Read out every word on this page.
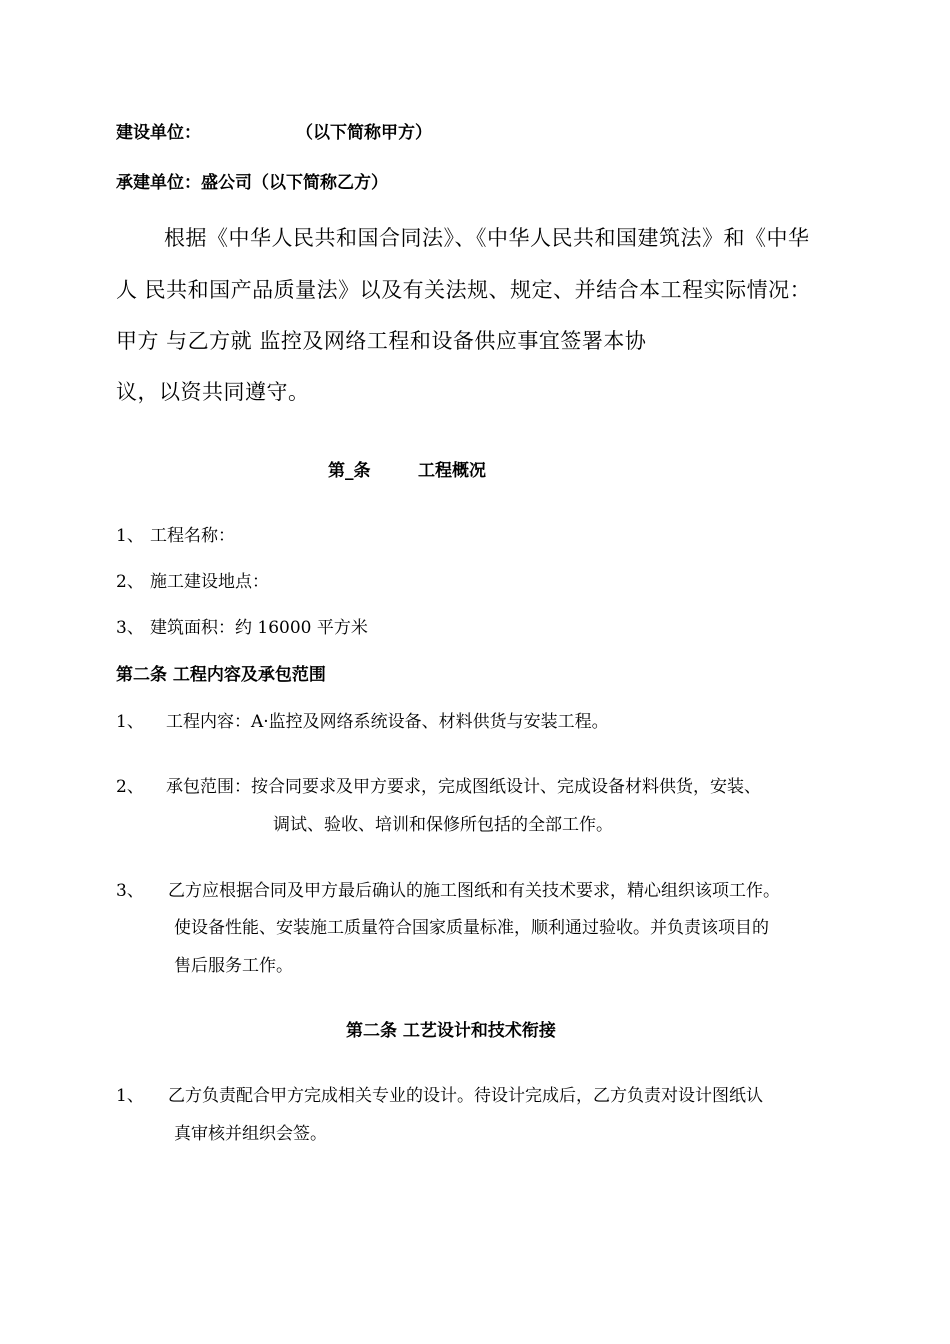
建设单位：	（以下简称甲方）
承建单位：盛公司（以下简称乙方）
根据《中华人民共和国合同法》、《中华人民共和国建筑法》和《中华
人 民共和国产品质量法》以及有关法规、规定、并结合本工程实际情况：
甲方 与乙方就 监控及网络工程和设备供应事宜签署本协
议，以资共同遵守。
第_条	工程概况
1、 工程名称：
2、 施工建设地点：
3、 建筑面积：约 16000 平方米
第二条 工程内容及承包范围
1、 工程内容：A·监控及网络系统设备、材料供货与安装工程。
2、 承包范围：按合同要求及甲方要求，完成图纸设计、完成设备材料供货，安装、
调试、验收、培训和保修所包括的全部工作。
3、 乙方应根据合同及甲方最后确认的施工图纸和有关技术要求，精心组织该项工作。
使设备性能、安装施工质量符合国家质量标准，顺利通过验收。并负责该项目的
售后服务工作。
第二条 工艺设计和技术衔接
1、 乙方负责配合甲方完成相关专业的设计。待设计完成后，乙方负责对设计图纸认
真审核并组织会签。
